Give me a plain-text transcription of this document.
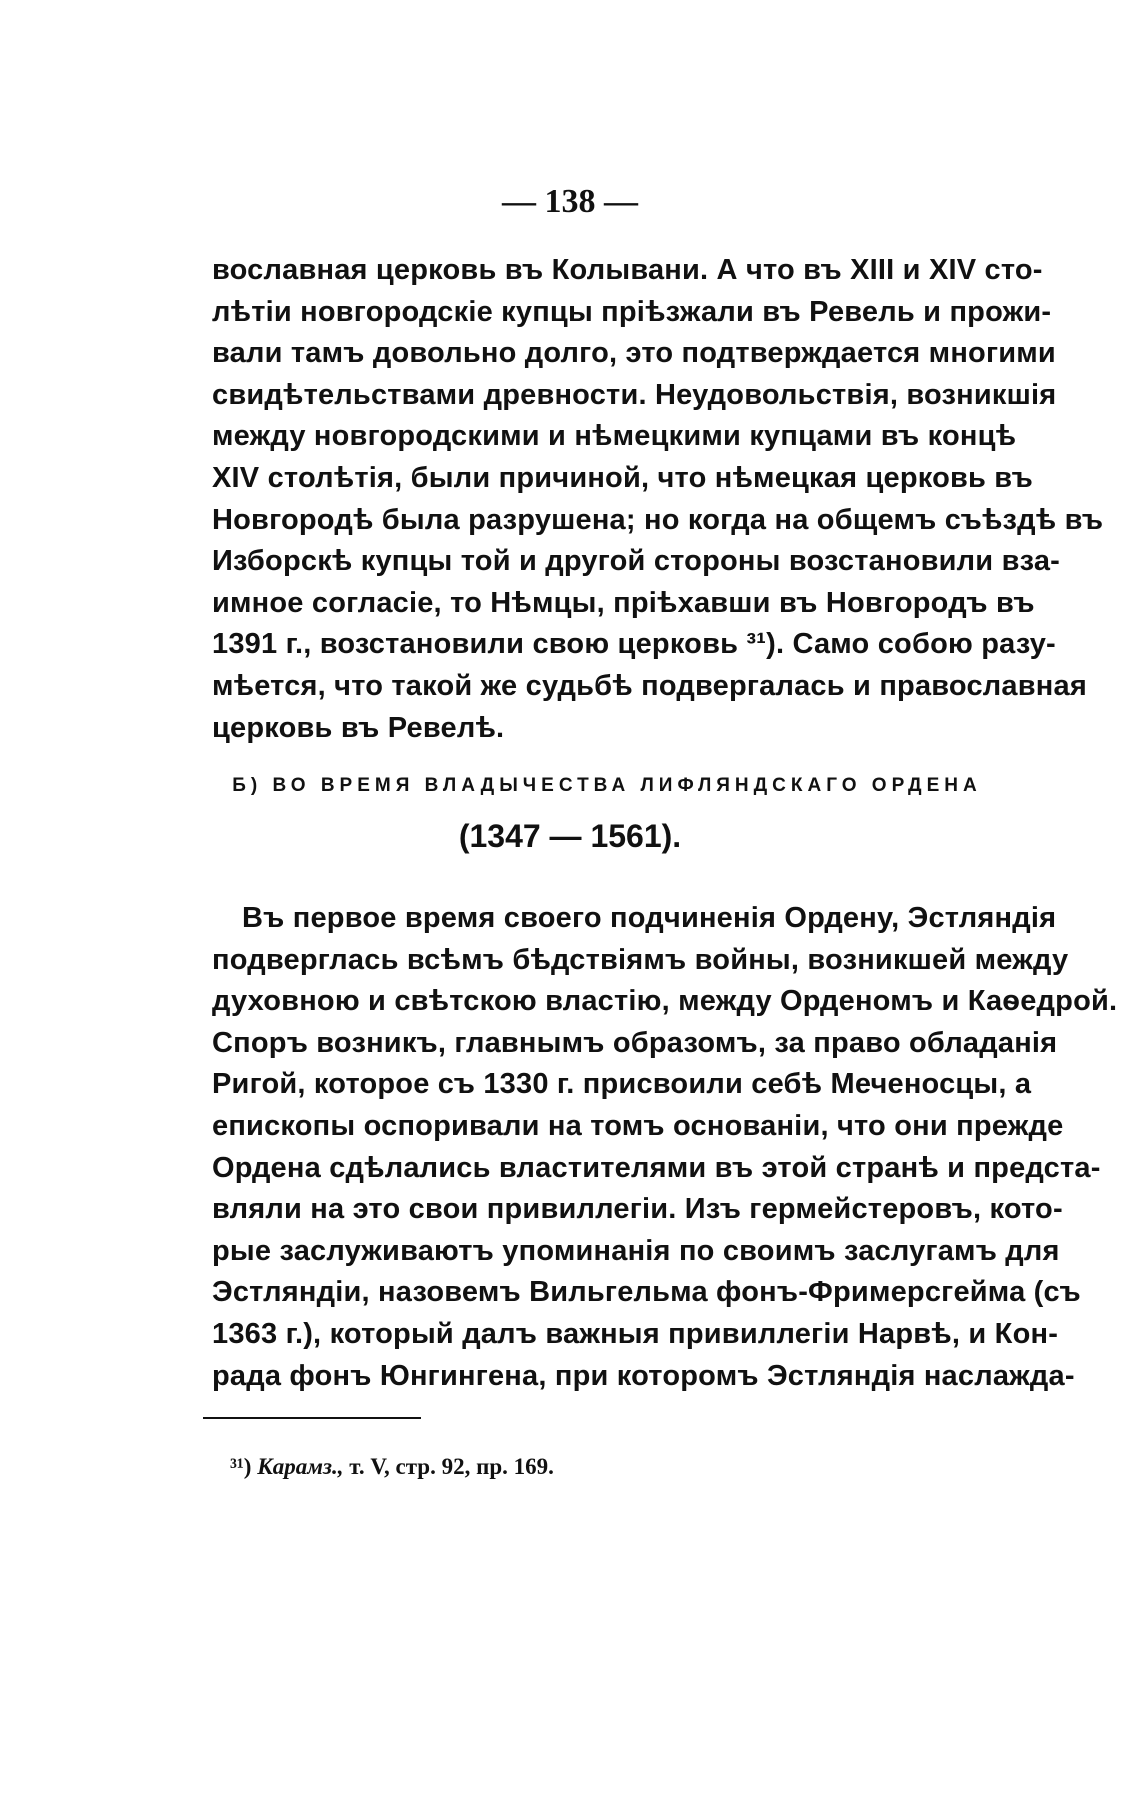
— 138 —
вославная церковь въ Колывани. А что въ XIII и XIV сто-
лѣтіи новгородскіе купцы пріѣзжали въ Ревель и прожи-
вали тамъ довольно долго, это подтверждается многими
свидѣтельствами древности. Неудовольствія, возникшія
между новгородскими и нѣмецкими купцами въ концѣ
XIV столѣтія, были причиной, что нѣмецкая церковь въ
Новгородѣ была разрушена; но когда на общемъ съѣздѣ въ
Изборскѣ купцы той и другой стороны возстановили вза-
имное согласіе, то Нѣмцы, пріѣхавши въ Новгородъ въ
1391 г., возстановили свою церковь ³¹). Само собою разу-
мѣется, что такой же судьбѣ подвергалась и православная
церковь въ Ревелѣ.
Б) ВО ВРЕМЯ ВЛАДЫЧЕСТВА ЛИФЛЯНДСКАГО ОРДЕНА
(1347 — 1561).
Въ первое время своего подчиненія Ордену, Эстляндія
подверглась всѣмъ бѣдствіямъ войны, возникшей между
духовною и свѣтскою властію, между Орденомъ и Каѳедрой.
Споръ возникъ, главнымъ образомъ, за право обладанія
Ригой, которое съ 1330 г. присвоили себѣ Меченосцы, а
епископы оспоривали на томъ основаніи, что они прежде
Ордена сдѣлались властителями въ этой странѣ и предста-
вляли на это свои привиллегіи. Изъ гермейстеровъ, кото-
рые заслуживаютъ упоминанія по своимъ заслугамъ для
Эстляндіи, назовемъ Вильгельма фонъ-Фримерсгейма (съ
1363 г.), который далъ важныя привиллегіи Нарвѣ, и Кон-
рада фонъ Юнгингена, при которомъ Эстляндія наслажда-
³¹) Карамз., т. V, стр. 92, пр. 169.
